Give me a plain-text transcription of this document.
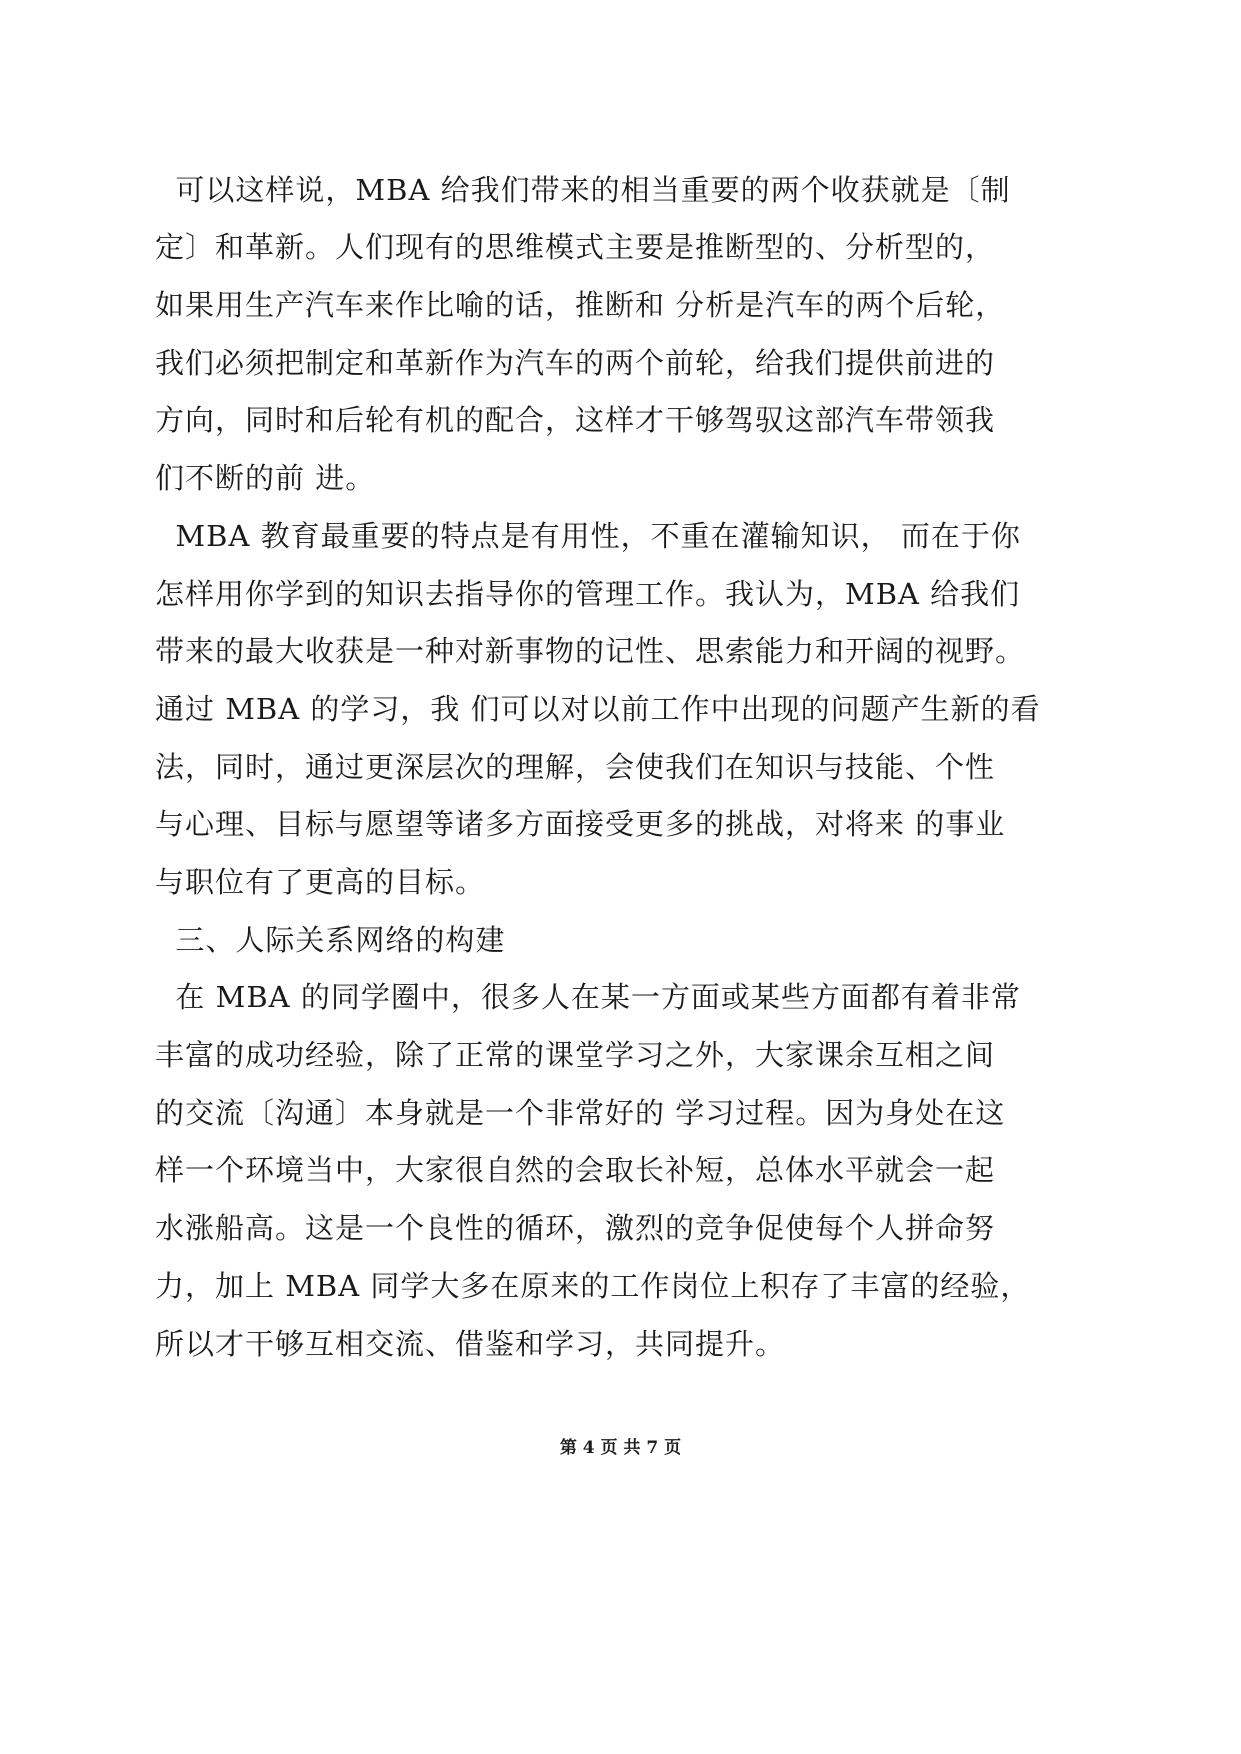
可以这样说，MBA 给我们带来的相当重要的两个收获就是〔制
定〕和革新。人们现有的思维模式主要是推断型的、分析型的，
如果用生产汽车来作比喻的话，推断和 分析是汽车的两个后轮，
我们必须把制定和革新作为汽车的两个前轮，给我们提供前进的
方向，同时和后轮有机的配合，这样才干够驾驭这部汽车带领我
们不断的前 进。
MBA 教育最重要的特点是有用性，不重在灌输知识， 而在于你
怎样用你学到的知识去指导你的管理工作。我认为，MBA 给我们
带来的最大收获是一种对新事物的记性、思索能力和开阔的视野。
通过 MBA 的学习，我 们可以对以前工作中出现的问题产生新的看
法，同时，通过更深层次的理解，会使我们在知识与技能、个性
与心理、目标与愿望等诸多方面接受更多的挑战，对将来 的事业
与职位有了更高的目标。
三、人际关系网络的构建
在 MBA 的同学圈中，很多人在某一方面或某些方面都有着非常
丰富的成功经验，除了正常的课堂学习之外，大家课余互相之间
的交流〔沟通〕本身就是一个非常好的 学习过程。因为身处在这
样一个环境当中，大家很自然的会取长补短，总体水平就会一起
水涨船高。这是一个良性的循环，激烈的竞争促使每个人拼命努
力，加上 MBA 同学大多在原来的工作岗位上积存了丰富的经验，
所以才干够互相交流、借鉴和学习，共同提升。
第 4 页 共 7 页
